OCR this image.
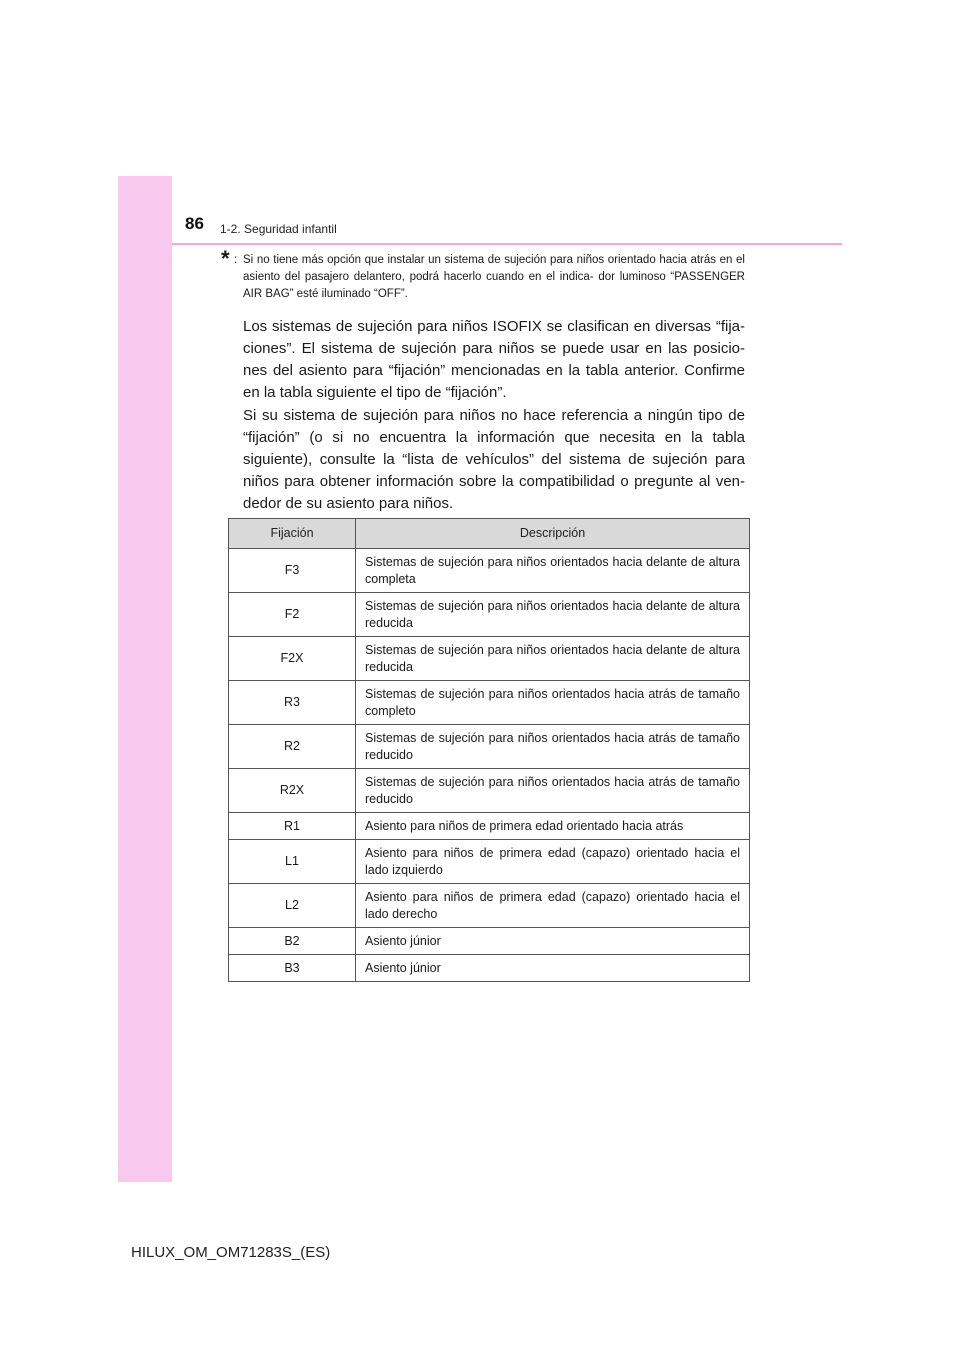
86 1-2. Seguridad infantil
* : Si no tiene más opción que instalar un sistema de sujeción para niños orientado hacia atrás en el asiento del pasajero delantero, podrá hacerlo cuando en el indica- dor luminoso “PASSENGER AIR BAG” esté iluminado “OFF”.
Los sistemas de sujeción para niños ISOFIX se clasifican en diversas “fija- ciones”. El sistema de sujeción para niños se puede usar en las posicio- nes del asiento para “fijación” mencionadas en la tabla anterior. Confirme en la tabla siguiente el tipo de “fijación”.
Si su sistema de sujeción para niños no hace referencia a ningún tipo de “fijación” (o si no encuentra la información que necesita en la tabla siguiente), consulte la “lista de vehículos” del sistema de sujeción para niños para obtener información sobre la compatibilidad o pregunte al ven- dedor de su asiento para niños.
Fijación	Descripción
F3	Sistemas de sujeción para niños orientados hacia delante de altura completa
F2	Sistemas de sujeción para niños orientados hacia delante de altura reducida
F2X	Sistemas de sujeción para niños orientados hacia delante de altura reducida
R3	Sistemas de sujeción para niños orientados hacia atrás de tamaño completo
R2	Sistemas de sujeción para niños orientados hacia atrás de tamaño reducido
R2X	Sistemas de sujeción para niños orientados hacia atrás de tamaño reducido
R1	Asiento para niños de primera edad orientado hacia atrás
L1	Asiento para niños de primera edad (capazo) orientado hacia el lado izquierdo
L2	Asiento para niños de primera edad (capazo) orientado hacia el lado derecho
B2	Asiento júnior
B3	Asiento júnior
HILUX_OM_OM71283S_(ES)
